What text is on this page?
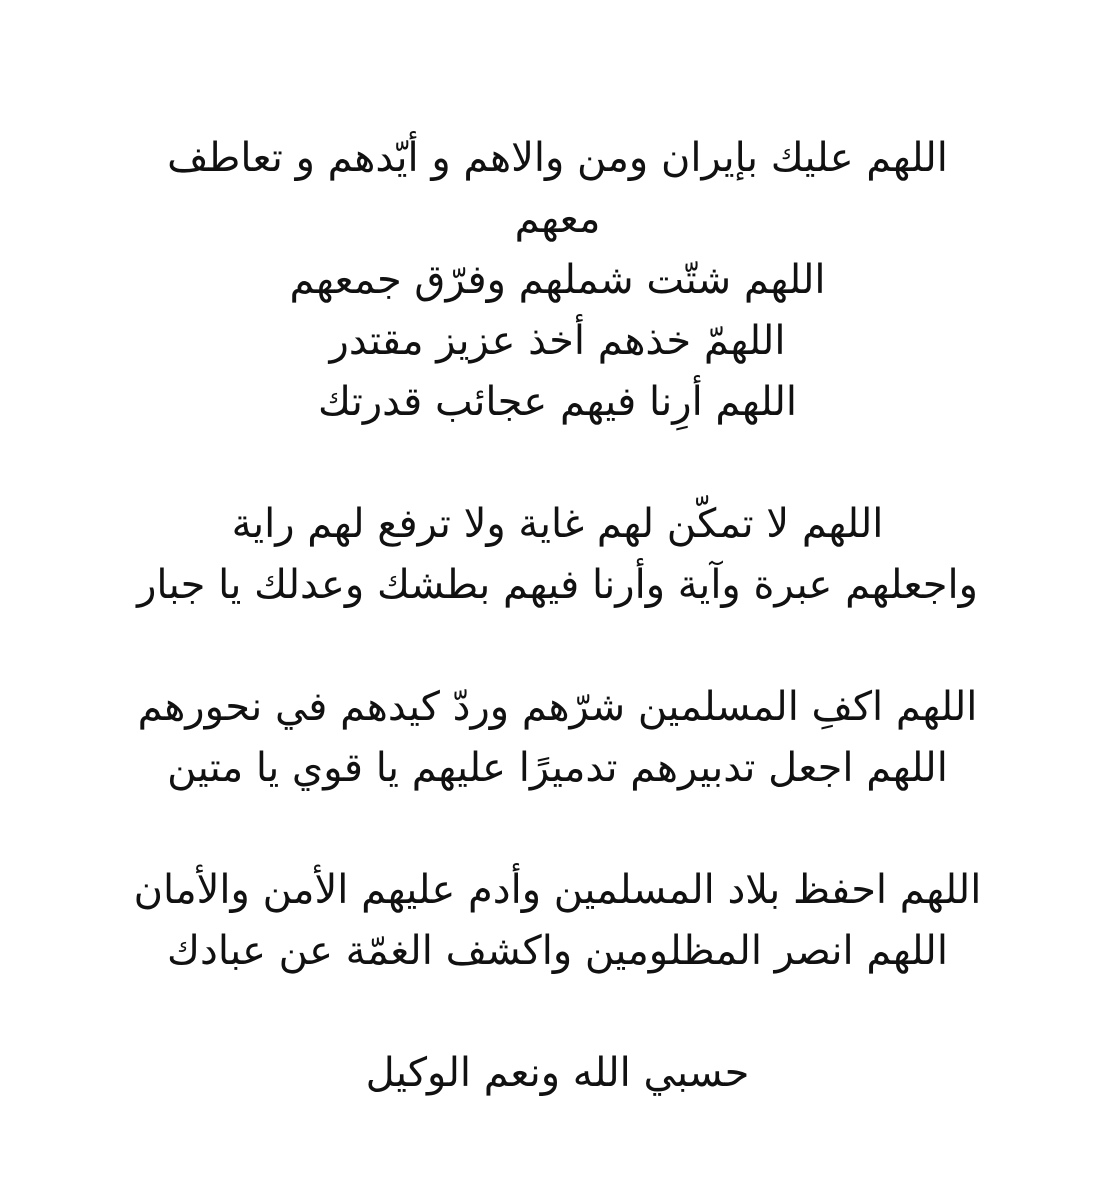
اللهم عليك بإيران ومن والاهم و أيّدهم و تعاطف
معهم
اللهم شتّت شملهم وفرّق جمعهم
اللهمّ خذهم أخذ عزيز مقتدر
اللهم أرِنا فيهم عجائب قدرتك
اللهم لا تمكّن لهم غاية ولا ترفع لهم راية
واجعلهم عبرة وآية وأرنا فيهم بطشك وعدلك يا جبار
اللهم اكفِ المسلمين شرّهم وردّ كيدهم في نحورهم
اللهم اجعل تدبيرهم تدميرًا عليهم يا قوي يا متين
اللهم احفظ بلاد المسلمين وأدم عليهم الأمن والأمان
اللهم انصر المظلومين واكشف الغمّة عن عبادك
حسبي الله ونعم الوكيل
